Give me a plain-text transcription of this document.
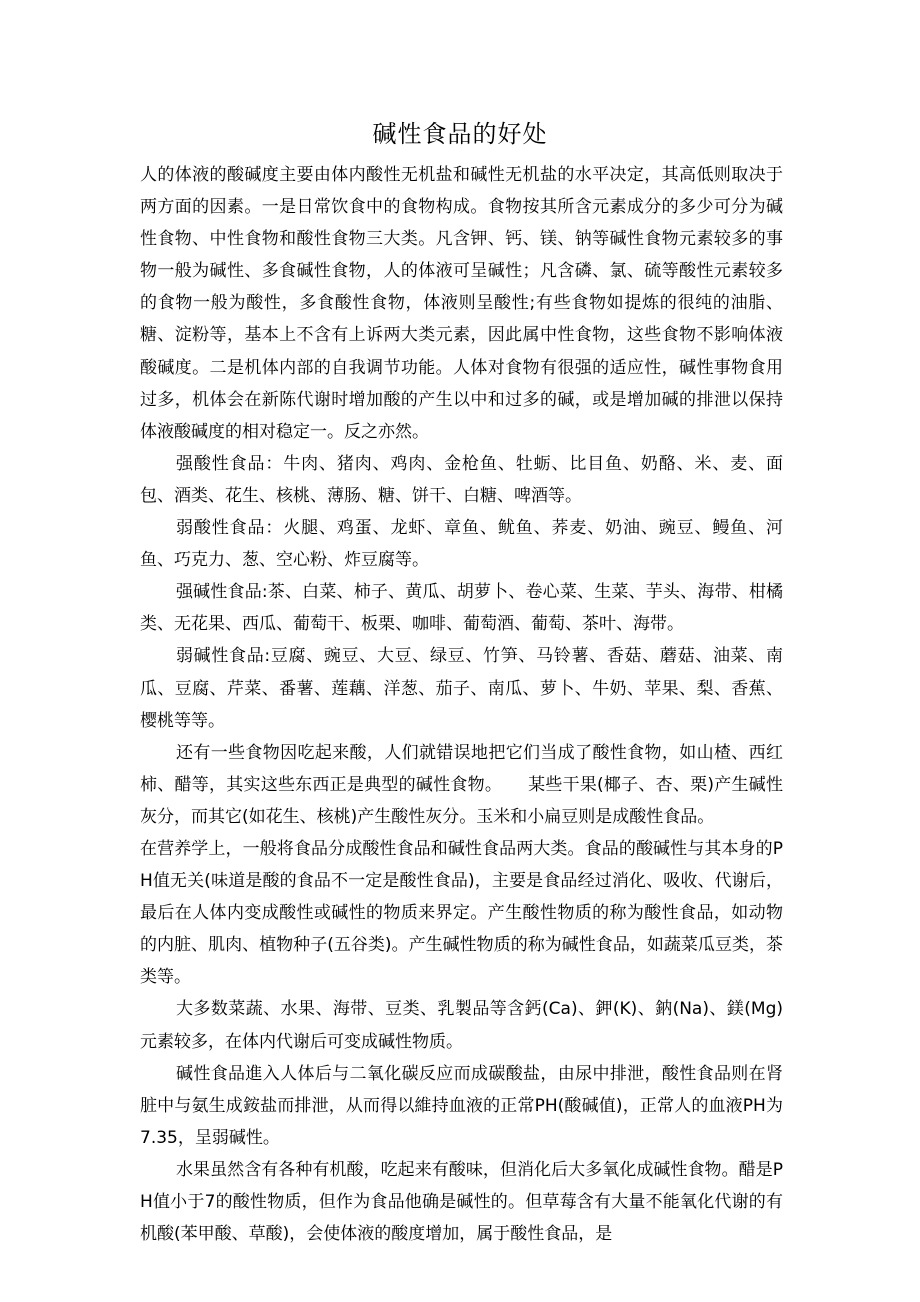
碱性食品的好处

人的体液的酸碱度主要由体内酸性无机盐和碱性无机盐的水平决定，其高低则取决于两方面的因素。一是日常饮食中的食物构成。食物按其所含元素成分的多少可分为碱性食物、中性食物和酸性食物三大类。凡含钾、钙、镁、钠等碱性食物元素较多的事物一般为碱性、多食碱性食物，人的体液可呈碱性；凡含磷、氯、硫等酸性元素较多的食物一般为酸性，多食酸性食物，体液则呈酸性;有些食物如提炼的很纯的油脂、糖、淀粉等，基本上不含有上诉两大类元素，因此属中性食物，这些食物不影响体液酸碱度。二是机体内部的自我调节功能。人体对食物有很强的适应性，碱性事物食用过多，机体会在新陈代谢时增加酸的产生以中和过多的碱，或是增加碱的排泄以保持体液酸碱度的相对稳定一。反之亦然。

强酸性食品：牛肉、猪肉、鸡肉、金枪鱼、牡蛎、比目鱼、奶酪、米、麦、面包、酒类、花生、核桃、薄肠、糖、饼干、白糖、啤酒等。

弱酸性食品：火腿、鸡蛋、龙虾、章鱼、鱿鱼、荞麦、奶油、豌豆、鳗鱼、河鱼、巧克力、葱、空心粉、炸豆腐等。

强碱性食品:茶、白菜、柿子、黄瓜、胡萝卜、卷心菜、生菜、芋头、海带、柑橘类、无花果、西瓜、葡萄干、板栗、咖啡、葡萄酒、葡萄、茶叶、海带。

弱碱性食品:豆腐、豌豆、大豆、绿豆、竹笋、马铃薯、香菇、蘑菇、油菜、南瓜、豆腐、芹菜、番薯、莲藕、洋葱、茄子、南瓜、萝卜、牛奶、苹果、梨、香蕉、樱桃等等。

还有一些食物因吃起来酸，人们就错误地把它们当成了酸性食物，如山楂、西红柿、醋等，其实这些东西正是典型的碱性食物。　　某些干果(椰子、杏、栗)产生碱性灰分，而其它(如花生、核桃)产生酸性灰分。玉米和小扁豆则是成酸性食品。

在营养学上，一般将食品分成酸性食品和碱性食品两大类。食品的酸碱性与其本身的PH值无关(味道是酸的食品不一定是酸性食品)，主要是食品经过消化、吸收、代谢后，最后在人体内变成酸性或碱性的物质来界定。产生酸性物质的称为酸性食品，如动物的内脏、肌肉、植物种子(五谷类)。产生碱性物质的称为碱性食品，如蔬菜瓜豆类，茶类等。

大多数菜蔬、水果、海带、豆类、乳製品等含鈣(Ca)、鉀(K)、鈉(Na)、鎂(Mg)元素较多，在体内代谢后可变成碱性物质。

碱性食品進入人体后与二氧化碳反应而成碳酸盐，由尿中排泄，酸性食品则在肾脏中与氨生成銨盐而排泄，从而得以維持血液的正常PH(酸碱值)，正常人的血液PH为7.35，呈弱碱性。

水果虽然含有各种有机酸，吃起来有酸味，但消化后大多氧化成碱性食物。醋是PH值小于7的酸性物质，但作为食品他确是碱性的。但草莓含有大量不能氧化代谢的有机酸(苯甲酸、草酸)，会使体液的酸度增加，属于酸性食品，是
